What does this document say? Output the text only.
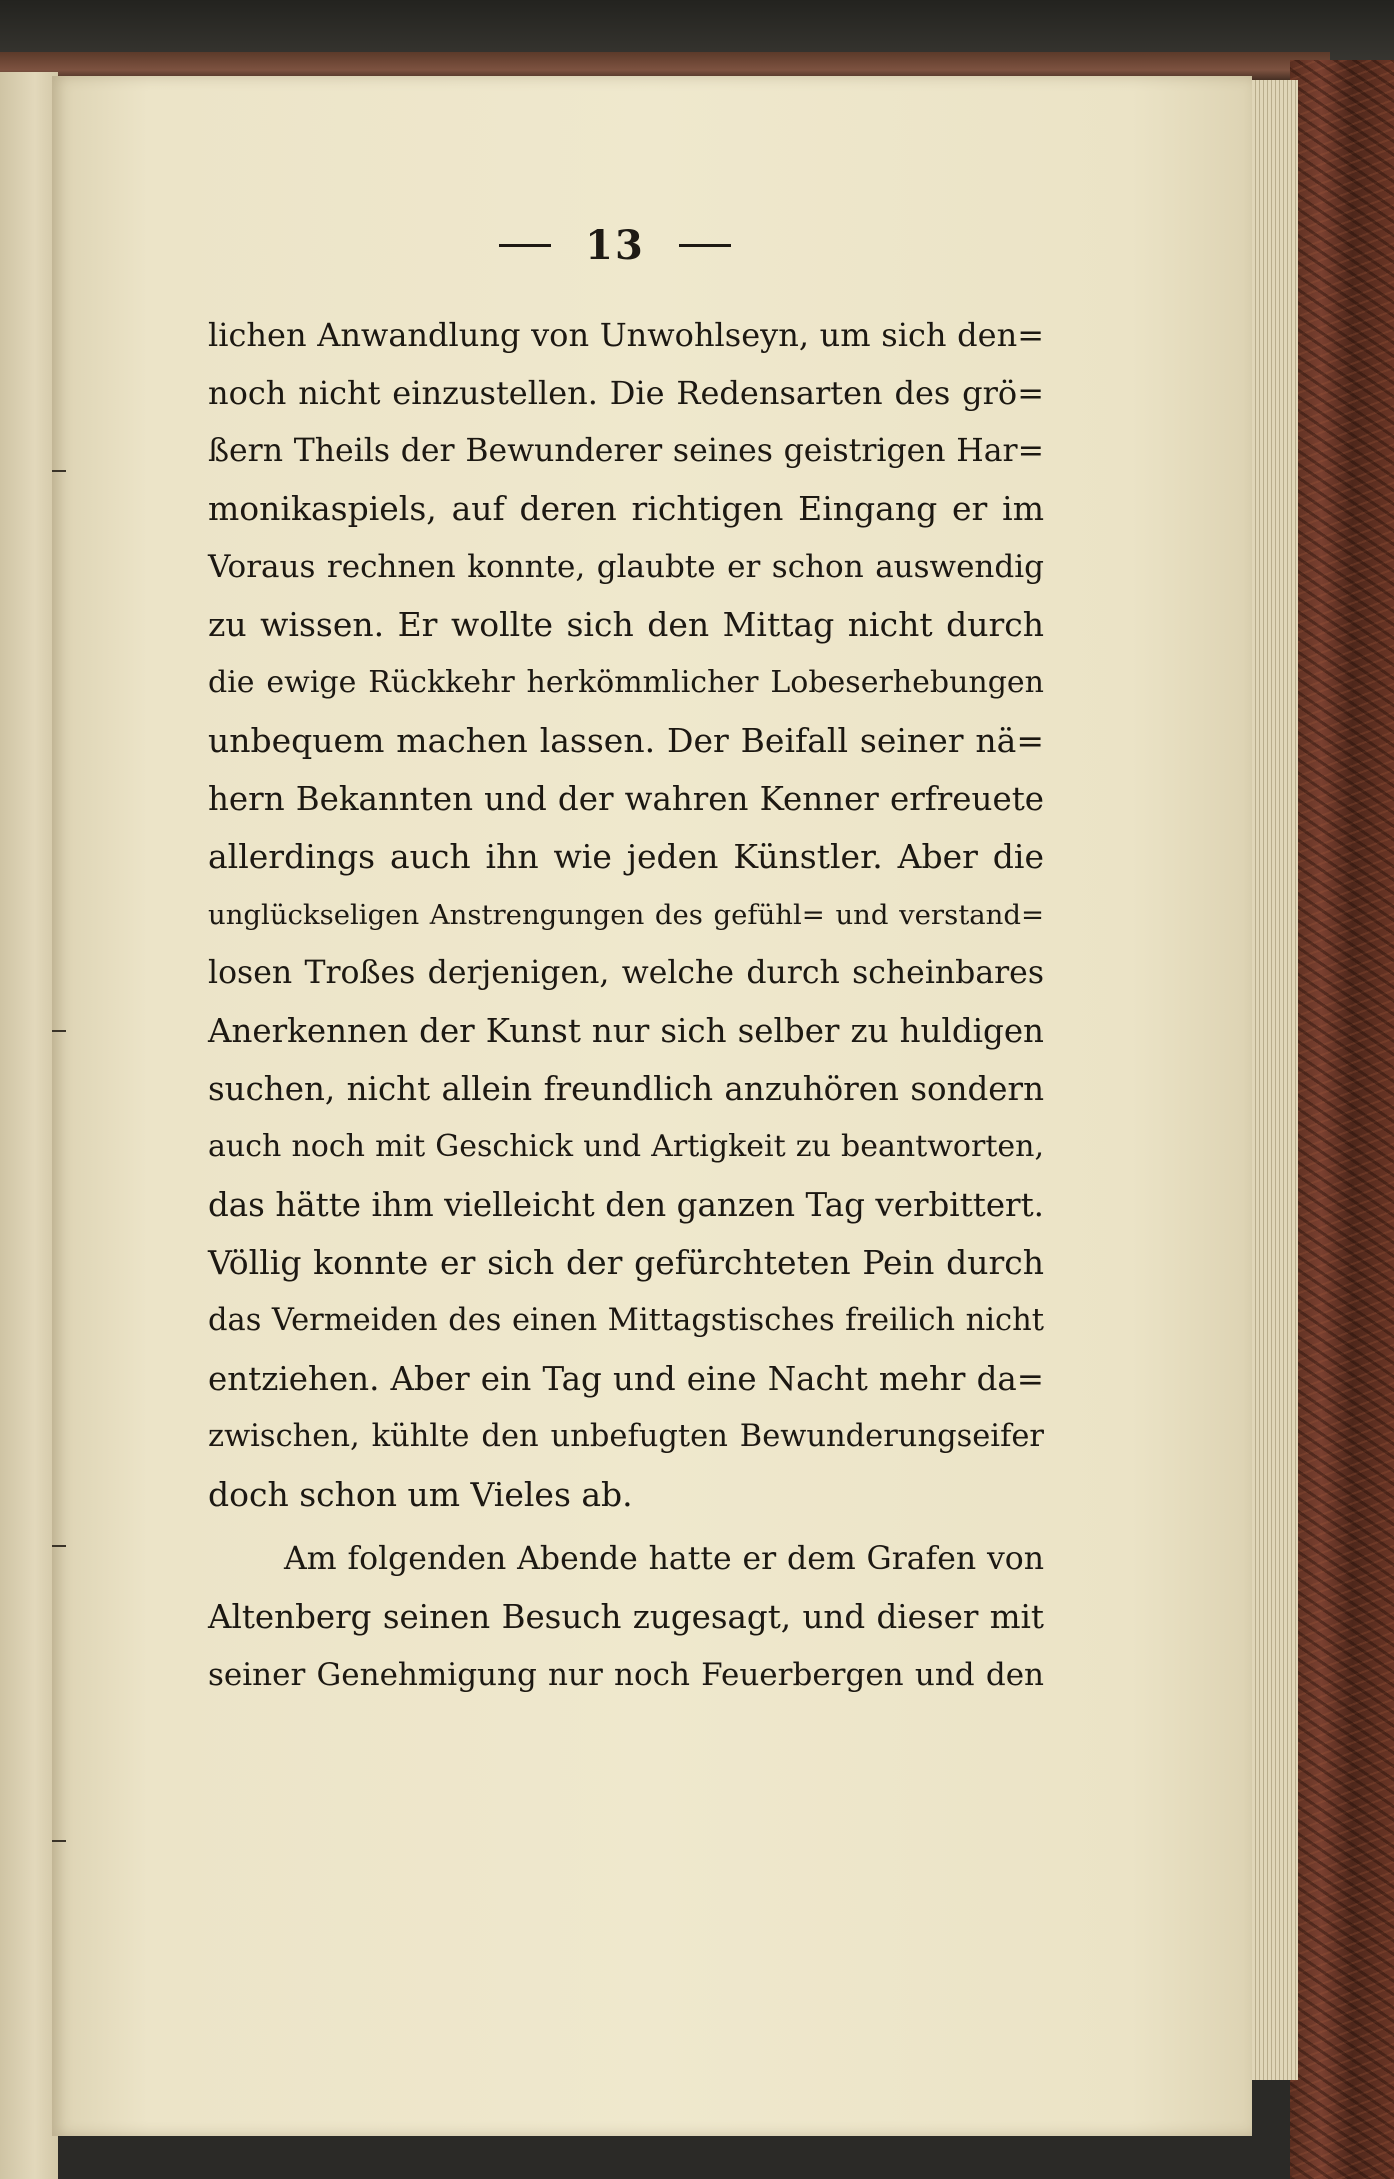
13
lichen Anwandlung von Unwohlseyn, um sich den=
noch nicht einzustellen. Die Redensarten des grö=
ßern Theils der Bewunderer seines geistrigen Har=
monikaspiels, auf deren richtigen Eingang er im
Voraus rechnen konnte, glaubte er schon auswendig
zu wissen. Er wollte sich den Mittag nicht durch
die ewige Rückkehr herkömmlicher Lobeserhebungen
unbequem machen lassen. Der Beifall seiner nä=
hern Bekannten und der wahren Kenner erfreuete
allerdings auch ihn wie jeden Künstler. Aber die
unglückseligen Anstrengungen des gefühl= und verstand=
losen Troßes derjenigen, welche durch scheinbares
Anerkennen der Kunst nur sich selber zu huldigen
suchen, nicht allein freundlich anzuhören sondern
auch noch mit Geschick und Artigkeit zu beantworten,
das hätte ihm vielleicht den ganzen Tag verbittert.
Völlig konnte er sich der gefürchteten Pein durch
das Vermeiden des einen Mittagstisches freilich nicht
entziehen. Aber ein Tag und eine Nacht mehr da=
zwischen, kühlte den unbefugten Bewunderungseifer
doch schon um Vieles ab.
Am folgenden Abende hatte er dem Grafen von
Altenberg seinen Besuch zugesagt, und dieser mit
seiner Genehmigung nur noch Feuerbergen und den
